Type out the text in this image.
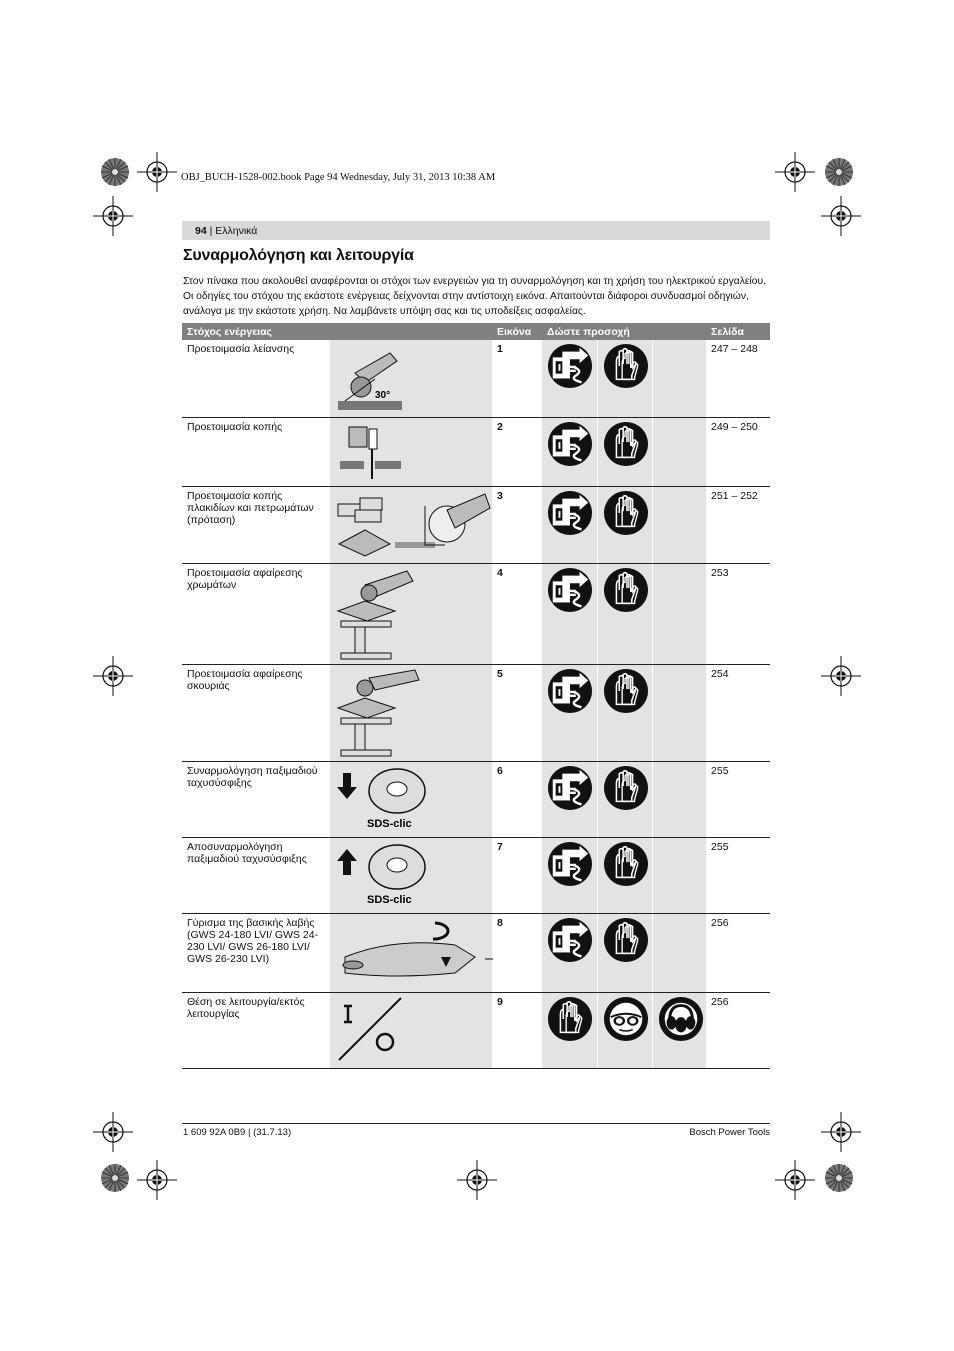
OBJ_BUCH-1528-002.book Page 94 Wednesday, July 31, 2013 10:38 AM
94 | Ελληνικά
Συναρμολόγηση και λειτουργία
Στον πίνακα που ακολουθεί αναφέρονται οι στόχοι των ενεργειών για τη συναρμολόγηση και τη χρήση του ηλεκτρικού εργαλείου. Οι οδηγίες του στόχου της εκάστοτε ενέργειας δείχνονται στην αντίστοιχη εικόνα. Απαιτούνται διάφοροι συνδυασμοί οδηγιών, ανάλογα με την εκάστοτε χρήση. Να λαμβάνετε υπόψη σας και τις υποδείξεις ασφαλείας.
Στόχος ενέργειας		Εικόνα	Δώστε προσοχή			Σελίδα
Προετοιμασία λείανσης	30°	1				247 – 248
Προετοιμασία κοπής		2				249 – 250
Προετοιμασία κοπής πλακιδίων και πετρωμάτων (πρόταση)		3				251 – 252
Προετοιμασία αφαίρεσης χρωμάτων		4				253
Προετοιμασία αφαίρεσης σκουριάς		5				254
Συναρμολόγηση παξιμαδιού ταχυσύσφιξης	SDS-clic	6				255
Αποσυναρμολόγηση παξιμαδιού ταχυσύσφιξης	SDS-clic	7				255
Γύρισμα της βασικής λαβής (GWS 24-180 LVI/ GWS 24-230 LVI/ GWS 26-180 LVI/ GWS 26-230 LVI)		8				256
Θέση σε λειτουργία/εκτός λειτουργίας		9				256
1 609 92A 0B9 | (31.7.13)	Bosch Power Tools
